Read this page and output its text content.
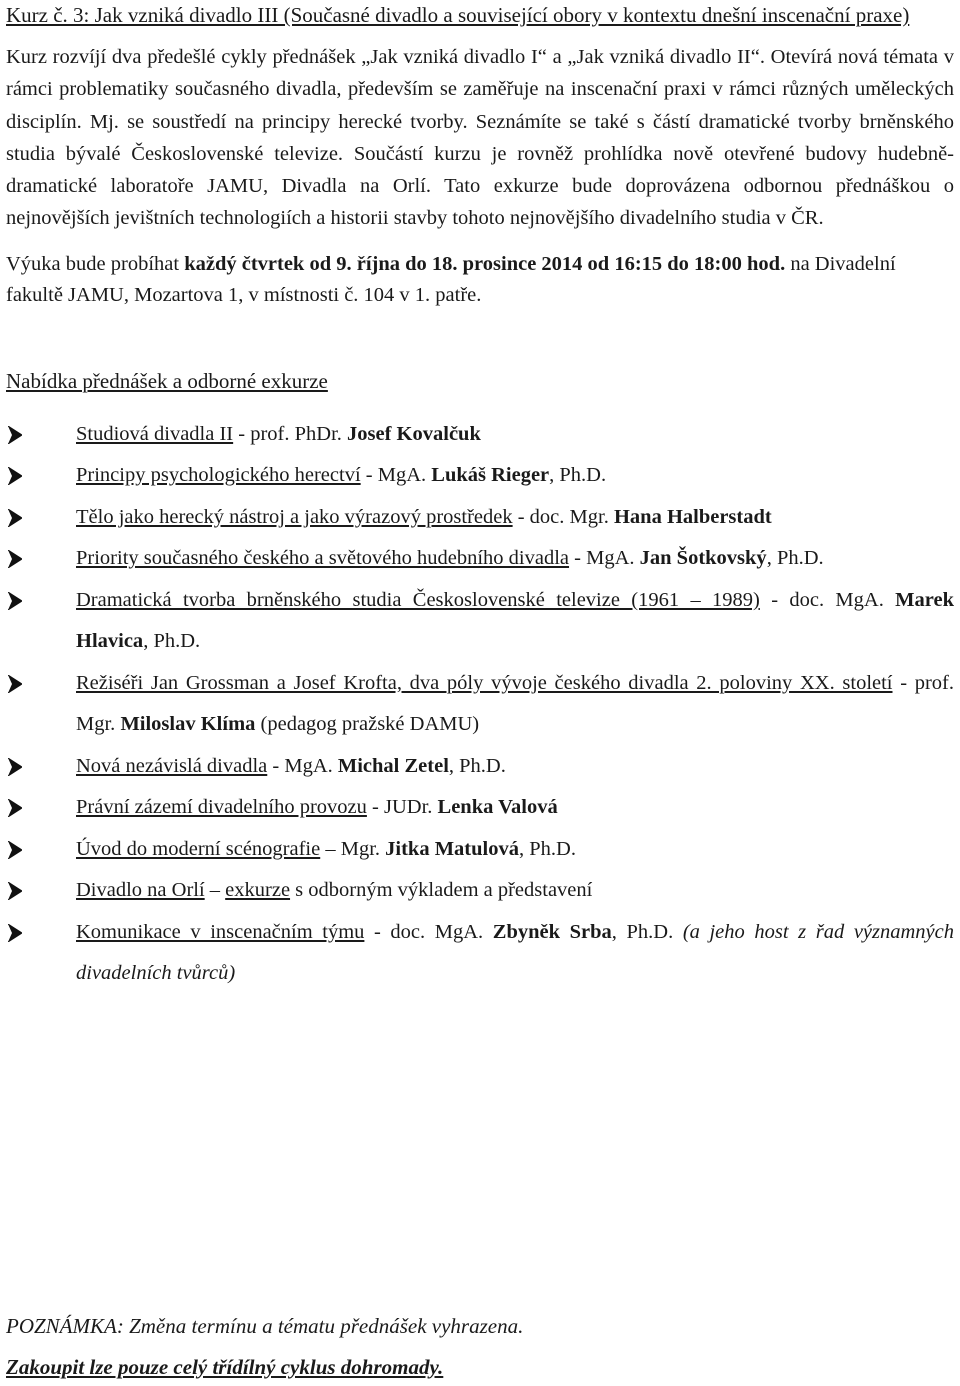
Kurz č. 3: Jak vzniká divadlo III (Současné divadlo a související obory v kontextu dnešní inscenační praxe)

Kurz rozvíjí dva předešlé cykly přednášek „Jak vzniká divadlo I“ a „Jak vzniká divadlo II“. Otevírá nová témata v rámci problematiky současného divadla, především se zaměřuje na inscenační praxi v rámci různých uměleckých disciplín. Mj. se soustředí na principy herecké tvorby. Seznámíte se také s částí dramatické tvorby brněnského studia bývalé Československé televize. Součástí kurzu je rovněž prohlídka nově otevřené budovy hudebně-dramatické laboratoře JAMU, Divadla na Orlí. Tato exkurze bude doprovázena odbornou přednáškou o nejnovějších jevištních technologiích a historii stavby tohoto nejnovějšího divadelního studia v ČR.

Výuka bude probíhat každý čtvrtek od 9. října do 18. prosince 2014 od 16:15 do 18:00 hod. na Divadelní fakultě JAMU, Mozartova 1, v místnosti č. 104 v 1. patře.

Nabídka přednášek a odborné exkurze
Studiová divadla II - prof. PhDr. Josef Kovalčuk
Principy psychologického herectví - MgA. Lukáš Rieger, Ph.D.
Tělo jako herecký nástroj a jako výrazový prostředek - doc. Mgr. Hana Halberstadt
Priority současného českého a světového hudebního divadla - MgA. Jan Šotkovský, Ph.D.
Dramatická tvorba brněnského studia Československé televize (1961 – 1989) - doc. MgA. Marek Hlavica, Ph.D.
Režiséři Jan Grossman a Josef Krofta, dva póly vývoje českého divadla 2. poloviny XX. století - prof. Mgr. Miloslav Klíma (pedagog pražské DAMU)
Nová nezávislá divadla - MgA. Michal Zetel, Ph.D.
Právní zázemí divadelního provozu - JUDr. Lenka Valová
Úvod do moderní scénografie – Mgr. Jitka Matulová, Ph.D.
Divadlo na Orlí – exkurze s odborným výkladem a představení
Komunikace v inscenačním týmu - doc. MgA. Zbyněk Srba, Ph.D. (a jeho host z řad významných divadelních tvůrců)

POZNÁMKA: Změna termínu a tématu přednášek vyhrazena.

Zakoupit lze pouze celý třídílný cyklus dohromady.
